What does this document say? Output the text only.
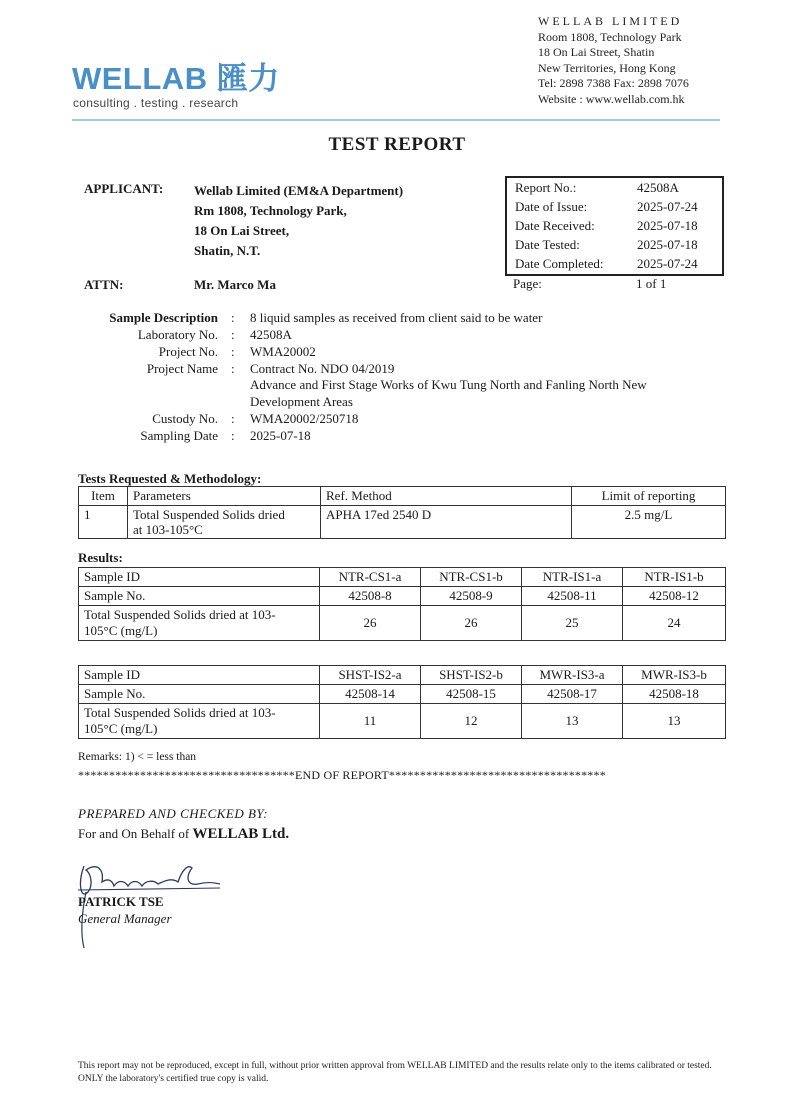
WELLAB 匯力
consulting . testing . research
WELLAB LIMITED
Room 1808, Technology Park
18 On Lai Street, Shatin
New Territories, Hong Kong
Tel: 2898 7388 Fax: 2898 7076
Website : www.wellab.com.hk
TEST REPORT
APPLICANT: Wellab Limited (EM&A Department)
Rm 1808, Technology Park,
18 On Lai Street,
Shatin, N.T.
ATTN:	Mr. Marco Ma
Report No.:	42508A
Date of Issue:	2025-07-24
Date Received:	2025-07-18
Date Tested:	2025-07-18
Date Completed:	2025-07-24
Page:	1 of 1
Sample Description : 8 liquid samples as received from client said to be water
Laboratory No. : 42508A
Project No. : WMA20002
Project Name : Contract No. NDO 04/2019
Advance and First Stage Works of Kwu Tung North and Fanling North New
Development Areas
Custody No. : WMA20002/250718
Sampling Date : 2025-07-18
Tests Requested & Methodology:
Item	Parameters	Ref. Method	Limit of reporting
1	Total Suspended Solids dried
at 103-105°C	APHA 17ed 2540 D	2.5 mg/L
Results:
Sample ID	NTR-CS1-a	NTR-CS1-b	NTR-IS1-a	NTR-IS1-b
Sample No.	42508-8	42508-9	42508-11	42508-12

Total Suspended Solids dried at 103-
105°C (mg/L)	26	26	25	24
Sample ID	SHST-IS2-a	SHST-IS2-b	MWR-IS3-a	MWR-IS3-b
Sample No.	42508-14	42508-15	42508-17	42508-18

Total Suspended Solids dried at 103-
105°C (mg/L)	11	12	13	13
Remarks: 1) < = less than
***********************************END OF REPORT***********************************
PREPARED AND CHECKED BY:
For and On Behalf of WELLAB Ltd.
PATRICK TSE
General Manager
This report may not be reproduced, except in full, without prior written approval from WELLAB LIMITED and the results relate only to the items calibrated or tested. ONLY the laboratory's certified true copy is valid.
